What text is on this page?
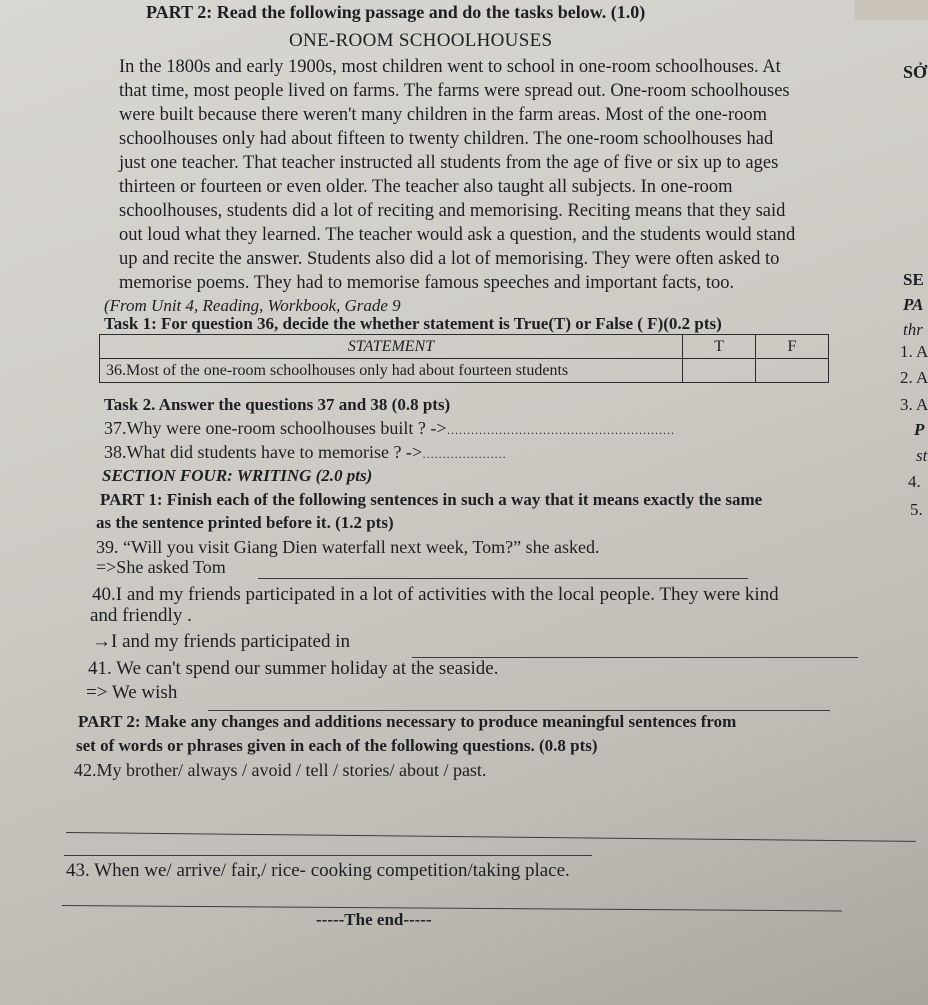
PART 2: Read the following passage and do the tasks below. (1.0)
ONE-ROOM SCHOOLHOUSES
In the 1800s and early 1900s, most children went to school in one-room schoolhouses. At
that time, most people lived on farms. The farms were spread out. One-room schoolhouses
were built because there weren't many children in the farm areas. Most of the one-room
schoolhouses only had about fifteen to twenty children. The one-room schoolhouses had
just one teacher. That teacher instructed all students from the age of five or six up to ages
thirteen or fourteen or even older. The teacher also taught all subjects. In one-room
schoolhouses, students did a lot of reciting and memorising. Reciting means that they said
out loud what they learned. The teacher would ask a question, and the students would stand
up and recite the answer. Students also did a lot of memorising. They were often asked to
memorise poems. They had to memorise famous speeches and important facts, too.
(From Unit 4, Reading, Workbook, Grade 9
Task 1: For question 36, decide the whether statement is True(T) or False ( F)(0.2 pts)
STATEMENT	T	F
36.Most of the one-room schoolhouses only had about fourteen students		
Task 2. Answer the questions 37 and 38 (0.8 pts)
37.Why were one-room schoolhouses built ? ->…………………………………………………
38.What did students have to memorise ? ->…………………
SECTION FOUR: WRITING (2.0 pts)
PART 1: Finish each of the following sentences in such a way that it means exactly the same
as the sentence printed before it. (1.2 pts)
39. “Will you visit Giang Dien waterfall next week, Tom?” she asked.
=>She asked Tom
40.I and my friends participated in a lot of activities with the local people. They were kind
and friendly .
→I and my friends participated in
41. We can't spend our summer holiday at the seaside.
=> We wish
PART 2: Make any changes and additions necessary to produce meaningful sentences from
set of words or phrases given in each of the following questions. (0.8 pts)
42.My brother/ always / avoid / tell / stories/ about / past.
43. When we/ arrive/ fair,/ rice- cooking competition/taking place.
-----The end-----
SỞ
SE
PA
thr
1. A
2. A
3. A
P
st
4.
5.
